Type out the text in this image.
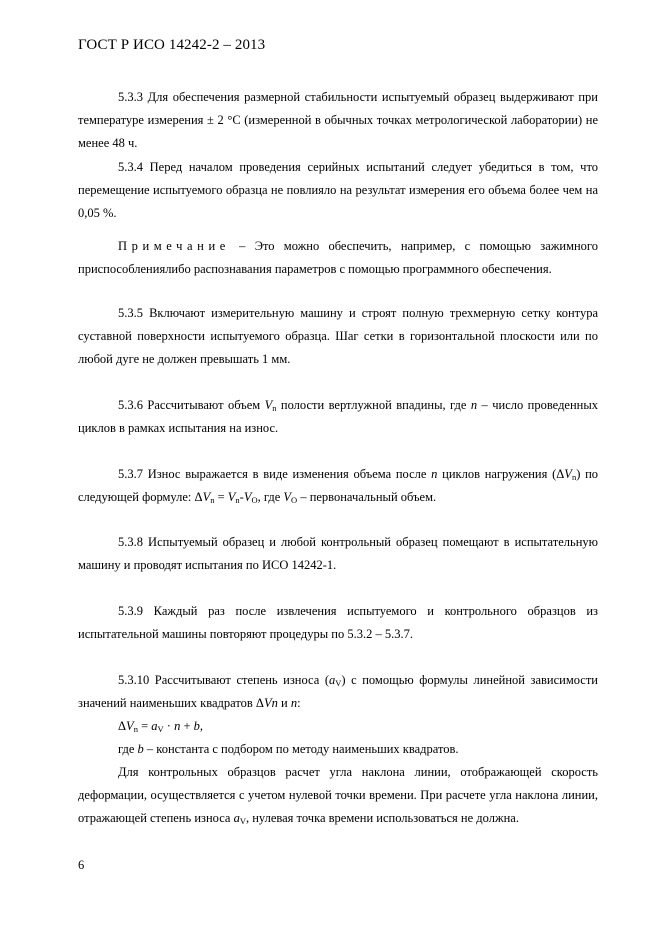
ГОСТ Р ИСО 14242-2 – 2013

5.3.3 Для обеспечения размерной стабильности испытуемый образец выдерживают при температуре измерения ± 2 °С (измеренной в обычных точках метрологической лаборатории) не менее 48 ч.

5.3.4 Перед началом проведения серийных испытаний следует убедиться в том, что перемещение испытуемого образца не повлияло на результат измерения его объема более чем на 0,05 %.

Примечание – Это можно обеспечить, например, с помощью зажимного приспособлениялибо распознавания параметров с помощью программного обеспечения.

5.3.5 Включают измерительную машину и строят полную трехмерную сетку контура суставной поверхности испытуемого образца. Шаг сетки в горизонтальной плоскости или по любой дуге не должен превышать 1 мм.

5.3.6 Рассчитывают объем $V_n$ полости вертлужной впадины, где n – число проведенных циклов в рамках испытания на износ.

5.3.7 Износ выражается в виде изменения объема после n циклов нагружения $(\Delta V_n)$ по следующей формуле: $\Delta V_n = V_n-V_O$, где $V_O$ – первоначальный объем.

5.3.8 Испытуемый образец и любой контрольный образец помещают в испытательную машину и проводят испытания по ИСО 14242-1.

5.3.9 Каждый раз после извлечения испытуемого и контрольного образцов из испытательной машины повторяют процедуры по 5.3.2 – 5.3.7.

5.3.10 Рассчитывают степень износа $(a_V)$ с помощью формулы линейной зависимости значений наименьших квадратов ΔVn и n:

$\Delta V_n = a_V \cdot n + b$,

где b – константа с подбором по методу наименьших квадратов.

Для контрольных образцов расчет угла наклона линии, отображающей скорость деформации, осуществляется с учетом нулевой точки времени. При расчете угла наклона линии, отражающей степень износа $a_V$, нулевая точка времени использоваться не должна.

6
